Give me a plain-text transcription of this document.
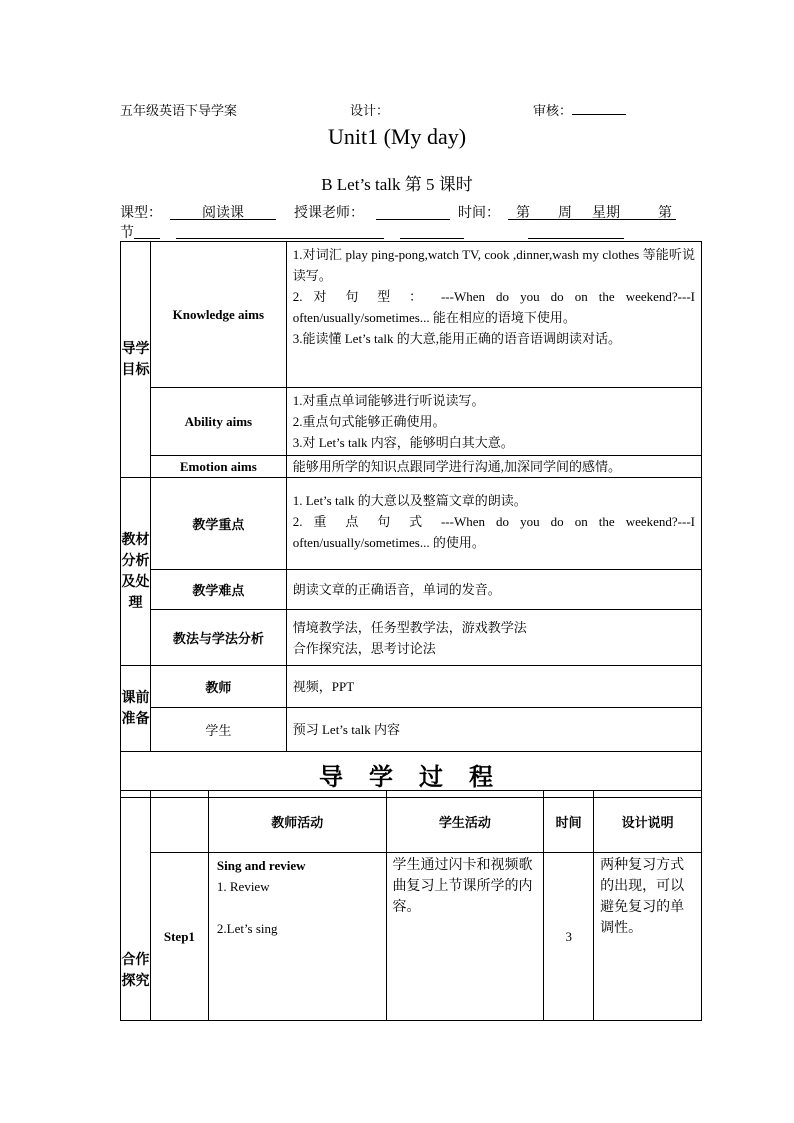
五年级英语下导学案	设计：	审核：
Unit1 (My day)
B Let’s talk 第 5 课时
课型：	阅读课	授课老师：	时间： 第 周 星期	第
节
导学目标	Knowledge aims	1.对词汇 play ping-pong,watch TV, cook ,dinner,wash my clothes 等能听说读写。
2. 对 句 型 ： ---When do you do on the weekend?---I often/usually/sometimes... 能在相应的语境下使用。
3.能读懂 Let’s talk 的大意,能用正确的语音语调朗读对话。

	Ability aims	1.对重点单词能够进行听说读写。
2.重点句式能够正确使用。
3.对 Let’s talk 内容，能够明白其大意。

	Emotion aims	能够用所学的知识点跟同学进行沟通,加深同学间的感情。
教材分析及处理	教学重点	1. Let’s talk 的大意以及整篇文章的朗读。
2. 重 点 句 式 ---When do you do on the weekend?---I often/usually/sometimes... 的使用。

	教学难点	朗读文章的正确语音，单词的发音。
	教法与学法分析	情境教学法，任务型教学法，游戏教学法
合作探究法，思考讨论法

课前准备	教师	视频，PPT
	学生	预习 Let’s talk 内容
导 学 过 程		
合作探究		教师活动	学生活动	时间	设计说明
	Step1	Sing and review
1. Review
2.Let’s sing	学生通过闪卡和视频歌曲复习上节课所学的内容。	3	两种复习方式的出现，可以避免复习的单调性。
